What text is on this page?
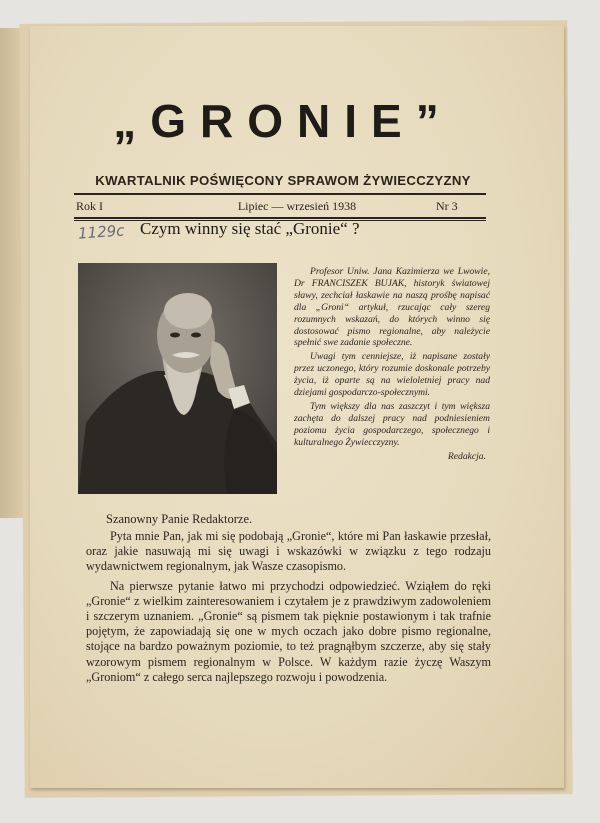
„GRONIE”
KWARTALNIK POŚWIĘCONY SPRAWOM ŻYWIECCZYZNY
Rok I	Lipiec — wrzesień 1938	Nr 3
1129c Czym winny się stać „Gronie“ ?

Profesor Uniw. Jana Kazimierza we Lwowie, Dr FRANCISZEK BUJAK, historyk światowej sławy, zechciał łaskawie na naszą prośbę napisać dla „Groni“ artykuł, rzucając cały szereg rozumnych wskazań, do których winno się dostosować pismo regionalne, aby należycie spełnić swe zadanie społeczne.

Uwagi tym cenniejsze, iż napisane zostały przez uczonego, który rozumie doskonale potrzeby życia, iż oparte są na wieloletniej pracy nad dziejami gospodarczo-społecznymi.

Tym większy dla nas zaszczyt i tym większa zachęta do dalszej pracy nad podniesieniem poziomu życia gospodarczego, społecznego i kulturalnego Żywiecczyzny.

Redakcja.

Szanowny Panie Redaktorze.

Pyta mnie Pan, jak mi się podobają „Gronie“, które mi Pan łaskawie przesłał, oraz jakie nasuwają mi się uwagi i wskazówki w związku z tego rodzaju wydawnictwem regionalnym, jak Wasze czasopismo.

Na pierwsze pytanie łatwo mi przychodzi odpowiedzieć. Wziąłem do ręki „Gronie“ z wielkim zainteresowaniem i czytałem je z prawdziwym zadowoleniem i szczerym uznaniem. „Gronie“ są pismem tak pięknie postawionym i tak trafnie pojętym, że zapowiadają się one w mych oczach jako dobre pismo regionalne, stojące na bardzo poważnym poziomie, to też pragnąłbym szczerze, aby się stały wzorowym pismem regionalnym w Polsce. W każdym razie życzę Waszym „Groniom“ z całego serca najlepszego rozwoju i powodzenia.
